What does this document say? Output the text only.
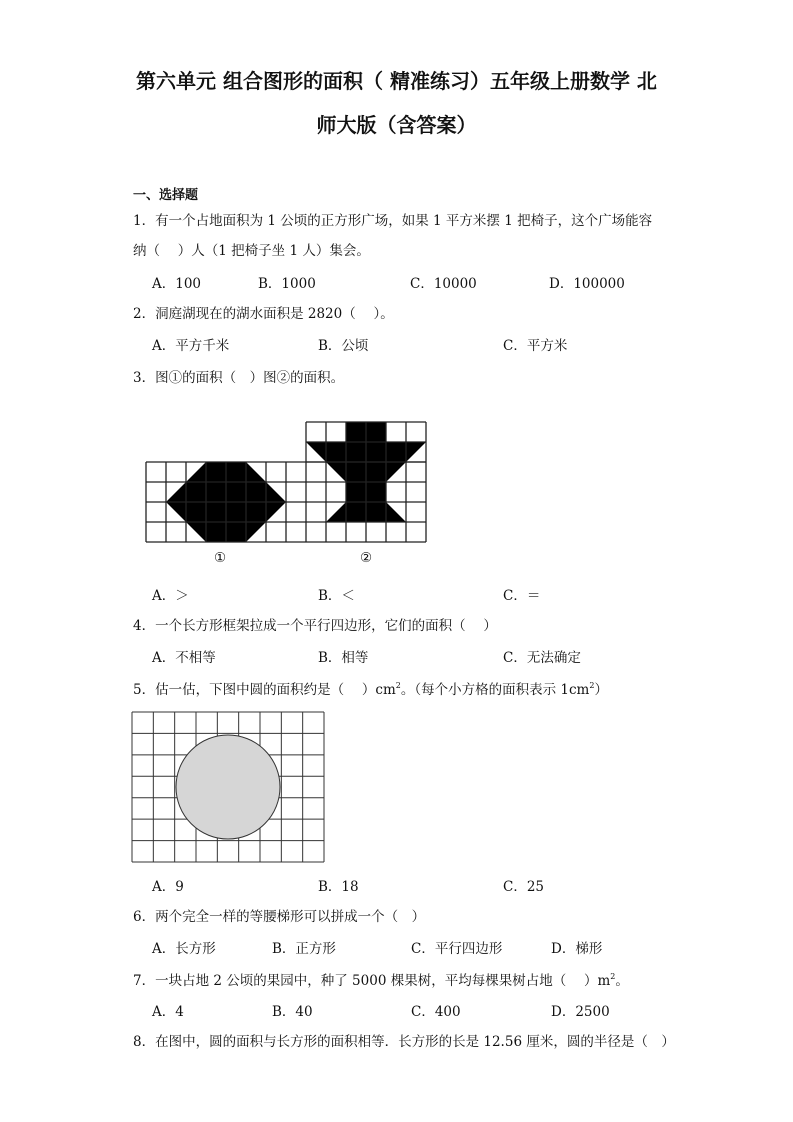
第六单元 组合图形的面积（ 精准练习）五年级上册数学 北
师大版（含答案）
一、选择题
1．有一个占地面积为 1 公顷的正方形广场，如果 1 平方米摆 1 把椅子，这个广场能容
纳（　 ）人（1 把椅子坐 1 人）集会。
A．100	B．1000	C．10000	D．100000
2．洞庭湖现在的湖水面积是 2820（　 ）。
A．平方千米	B．公顷	C．平方米
3．图①的面积（　）图②的面积。
①	②
A．＞	B．＜	C．＝
4．一个长方形框架拉成一个平行四边形，它们的面积（　 ）
A．不相等	B．相等	C．无法确定
5．估一估，下图中圆的面积约是（　 ）$cm^2$。（每个小方格的面积表示 $1cm^2$）
A．9	B．18	C．25
6．两个完全一样的等腰梯形可以拼成一个（　）
A．长方形	B．正方形	C．平行四边形	D．梯形
7．一块占地 2 公顷的果园中，种了 5000 棵果树，平均每棵果树占地（　 ）$m^2$。
A．4	B．40	C．400	D．2500
8．在图中，圆的面积与长方形的面积相等．长方形的长是 12.56 厘米，圆的半径是（　）
